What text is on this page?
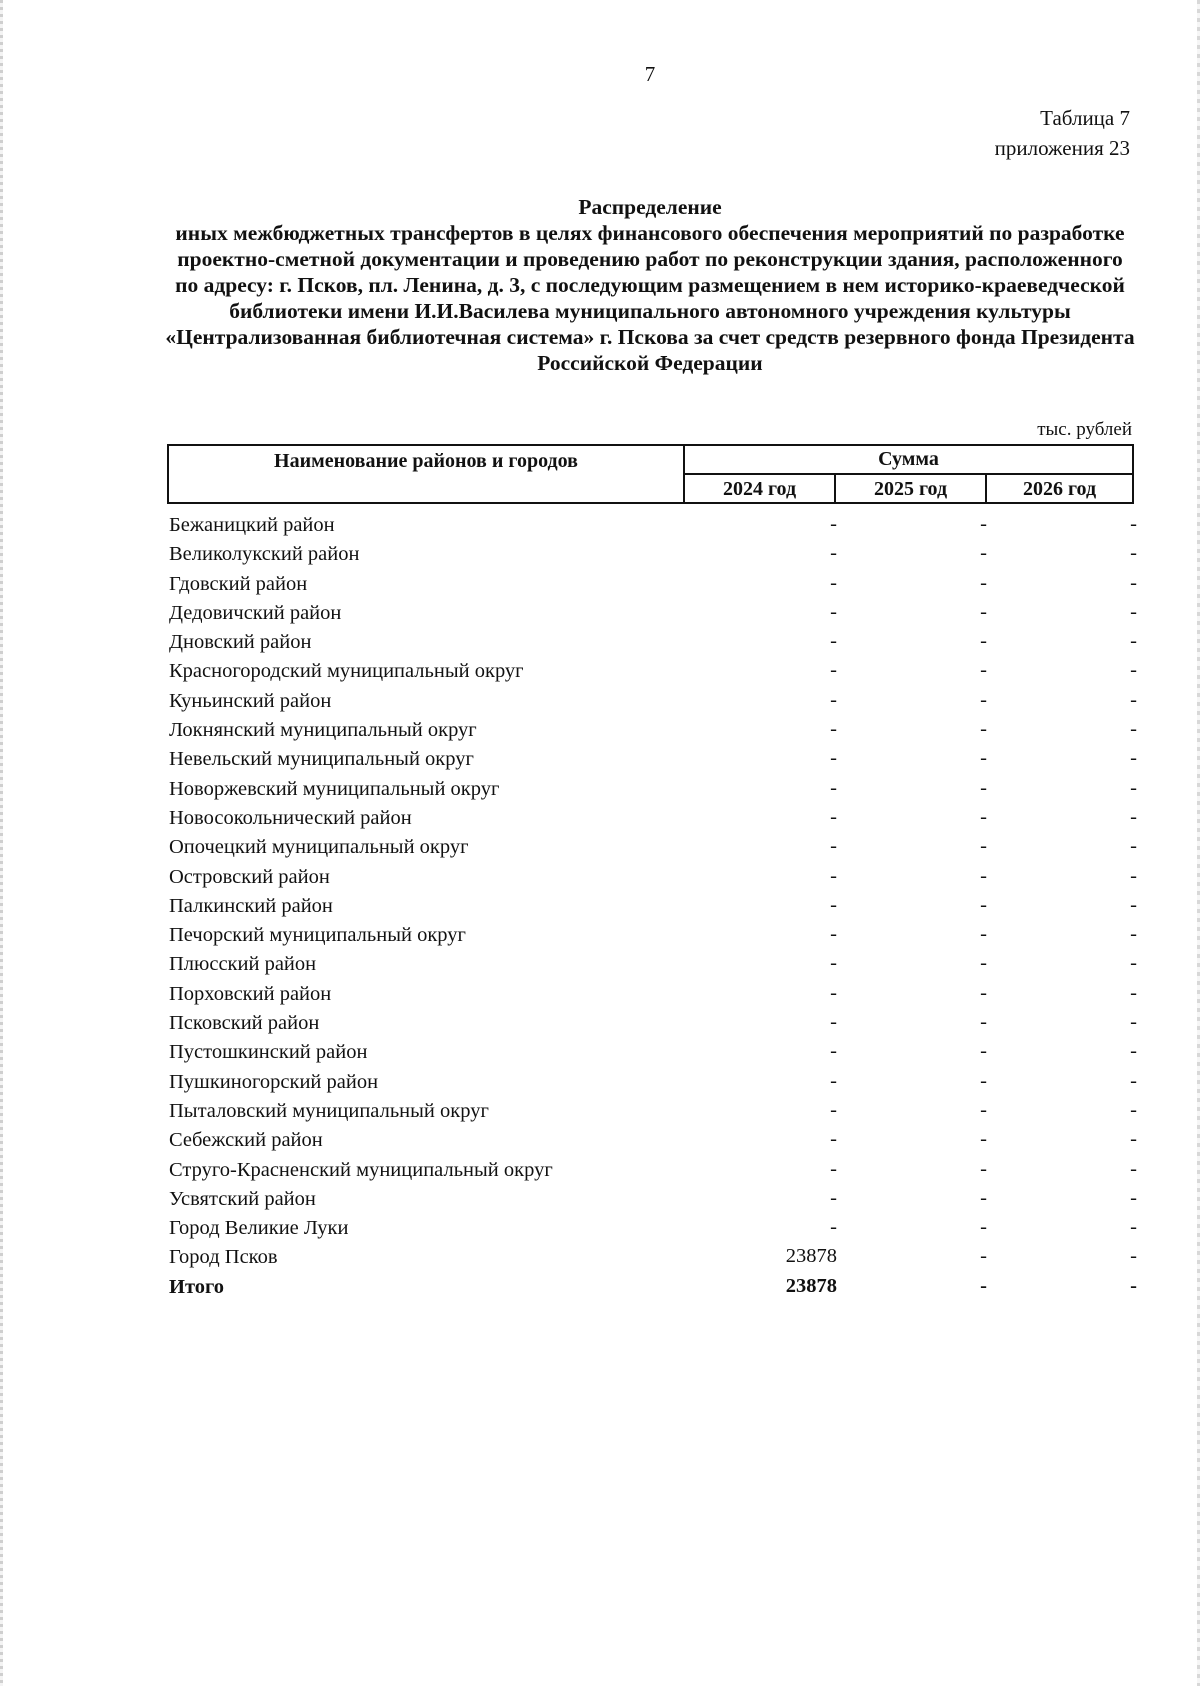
7
Таблица 7
приложения 23
Распределение
иных межбюджетных трансфертов в целях финансового обеспечения мероприятий по разработке проектно-сметной документации и проведению работ по реконструкции здания, расположенного по адресу: г. Псков, пл. Ленина, д. 3, с последующим размещением в нем историко-краеведческой библиотеки имени И.И.Василева муниципального автономного учреждения культуры «Централизованная библиотечная система» г. Пскова за счет средств резервного фонда Президента Российской Федерации
тыс. рублей
Наименование районов и городов	Сумма
2024 год	2025 год	2026 год
Бежаницкий район	-	-	-
Великолукский район	-	-	-
Гдовский район	-	-	-
Дедовичский район	-	-	-
Дновский район	-	-	-
Красногородский муниципальный округ	-	-	-
Куньинский район	-	-	-
Локнянский муниципальный округ	-	-	-
Невельский муниципальный округ	-	-	-
Новоржевский муниципальный округ	-	-	-
Новосокольнический район	-	-	-
Опочецкий муниципальный округ	-	-	-
Островский район	-	-	-
Палкинский район	-	-	-
Печорский муниципальный округ	-	-	-
Плюсский район	-	-	-
Порховский район	-	-	-
Псковский район	-	-	-
Пустошкинский район	-	-	-
Пушкиногорский район	-	-	-
Пыталовский муниципальный округ	-	-	-
Себежский район	-	-	-
Струго-Красненский муниципальный округ	-	-	-
Усвятский район	-	-	-
Город Великие Луки	-	-	-
Город Псков	23878	-	-
Итого	23878	-	-
